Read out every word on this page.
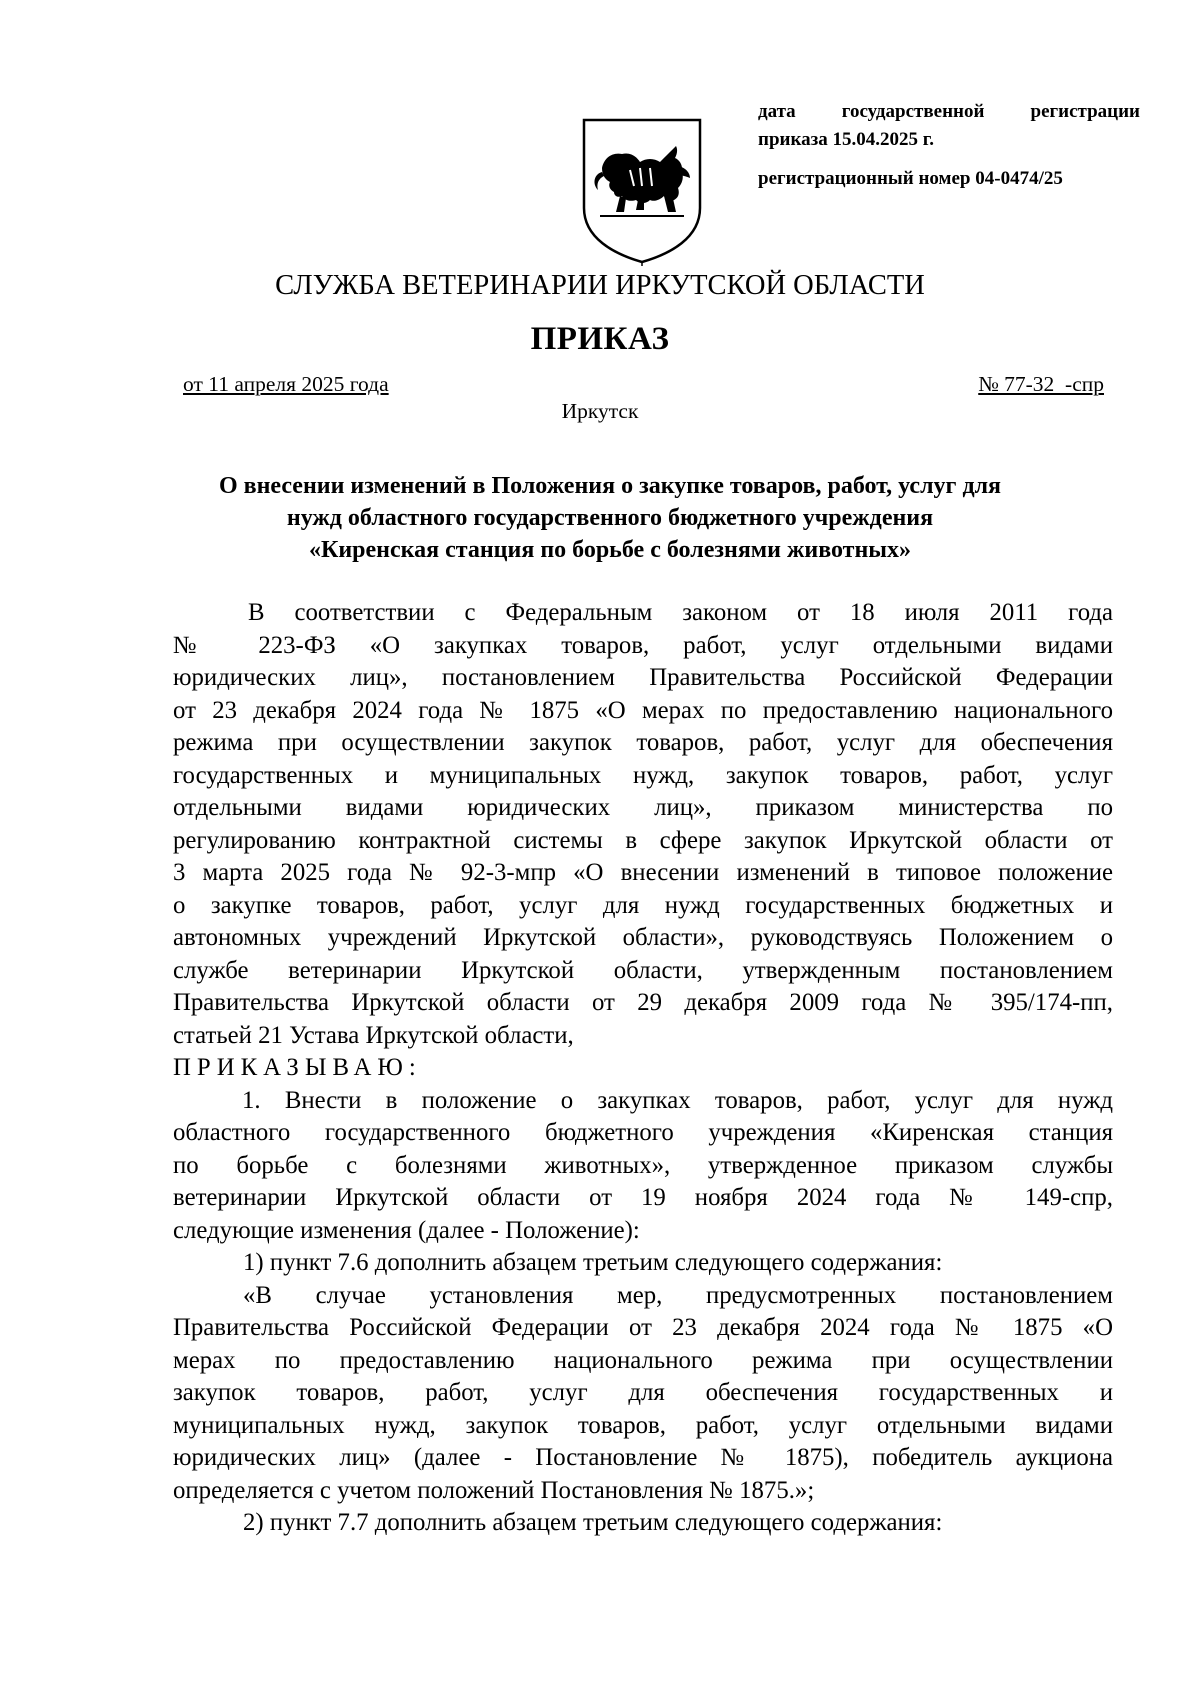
дата государственной регистрации
приказа 15.04.2025 г.
регистрационный номер 04-0474/25
СЛУЖБА ВЕТЕРИНАРИИ ИРКУТСКОЙ ОБЛАСТИ
ПРИКАЗ
от 11 апреля 2025 года	№ 77-32  -спр
Иркутск
О внесении изменений в Положения о закупке товаров, работ, услуг для
нужд областного государственного бюджетного учреждения
«Киренская станция по борьбе с болезнями животных»
В соответствии с Федеральным законом от 18 июля 2011 года
№ 223-ФЗ «О закупках товаров, работ, услуг отдельными видами
юридических лиц», постановлением Правительства Российской Федерации
от 23 декабря 2024 года № 1875 «О мерах по предоставлению национального
режима при осуществлении закупок товаров, работ, услуг для обеспечения
государственных и муниципальных нужд, закупок товаров, работ, услуг
отдельными видами юридических лиц», приказом министерства по
регулированию контрактной системы в сфере закупок Иркутской области от
3 марта 2025 года № 92-3-мпр «О внесении изменений в типовое положение
о закупке товаров, работ, услуг для нужд государственных бюджетных и
автономных учреждений Иркутской области», руководствуясь Положением о
службе ветеринарии Иркутской области, утвержденным постановлением
Правительства Иркутской области от 29 декабря 2009 года № 395/174-пп,
статьей 21 Устава Иркутской области,
ПРИКАЗЫВАЮ:
1. Внести в положение о закупках товаров, работ, услуг для нужд
областного государственного бюджетного учреждения «Киренская станция
по борьбе с болезнями животных», утвержденное приказом службы
ветеринарии Иркутской области от 19 ноября 2024 года № 149-спр,
следующие изменения (далее - Положение):
1) пункт 7.6 дополнить абзацем третьим следующего содержания:
«В случае установления мер, предусмотренных постановлением
Правительства Российской Федерации от 23 декабря 2024 года № 1875 «О
мерах по предоставлению национального режима при осуществлении
закупок товаров, работ, услуг для обеспечения государственных и
муниципальных нужд, закупок товаров, работ, услуг отдельными видами
юридических лиц» (далее - Постановление № 1875), победитель аукциона
определяется с учетом положений Постановления № 1875.»;
2) пункт 7.7 дополнить абзацем третьим следующего содержания:
